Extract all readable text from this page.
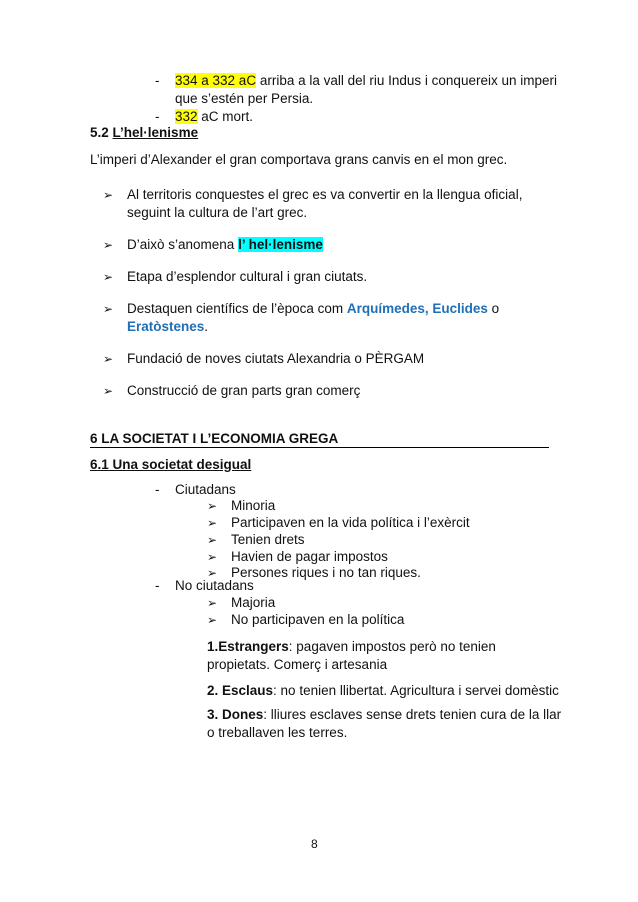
- 334 a 332 aC arriba a la vall del riu Indus i conquereix un imperi
que s’estén per Persia.
- 332 aC mort.
5.2 L’hel·lenisme
L’imperi d’Alexander el gran comportava grans canvis en el mon grec.
➢ Al territoris conquestes el grec es va convertir en la llengua oficial,
seguint la cultura de l’art grec.
➢ D’això s’anomena l’ hel·lenisme
➢ Etapa d’esplendor cultural i gran ciutats.
➢ Destaquen científics de l’època com Arquímedes, Euclides o
Eratòstenes.
➢ Fundació de noves ciutats Alexandria o PÈRGAM
➢ Construcció de gran parts gran comerç
6 LA SOCIETAT I L’ECONOMIA GREGA
6.1 Una societat desigual
- Ciutadans
➢ Minoria
➢ Participaven en la vida política i l’exèrcit
➢ Tenien drets
➢ Havien de pagar impostos
➢ Persones riques i no tan riques.
- No ciutadans
➢ Majoria
➢ No participaven en la política
1.Estrangers: pagaven impostos però no tenien
propietats. Comerç i artesania
2. Esclaus: no tenien llibertat. Agricultura i servei domèstic
3. Dones: lliures esclaves sense drets tenien cura de la llar
o treballaven les terres.
8
